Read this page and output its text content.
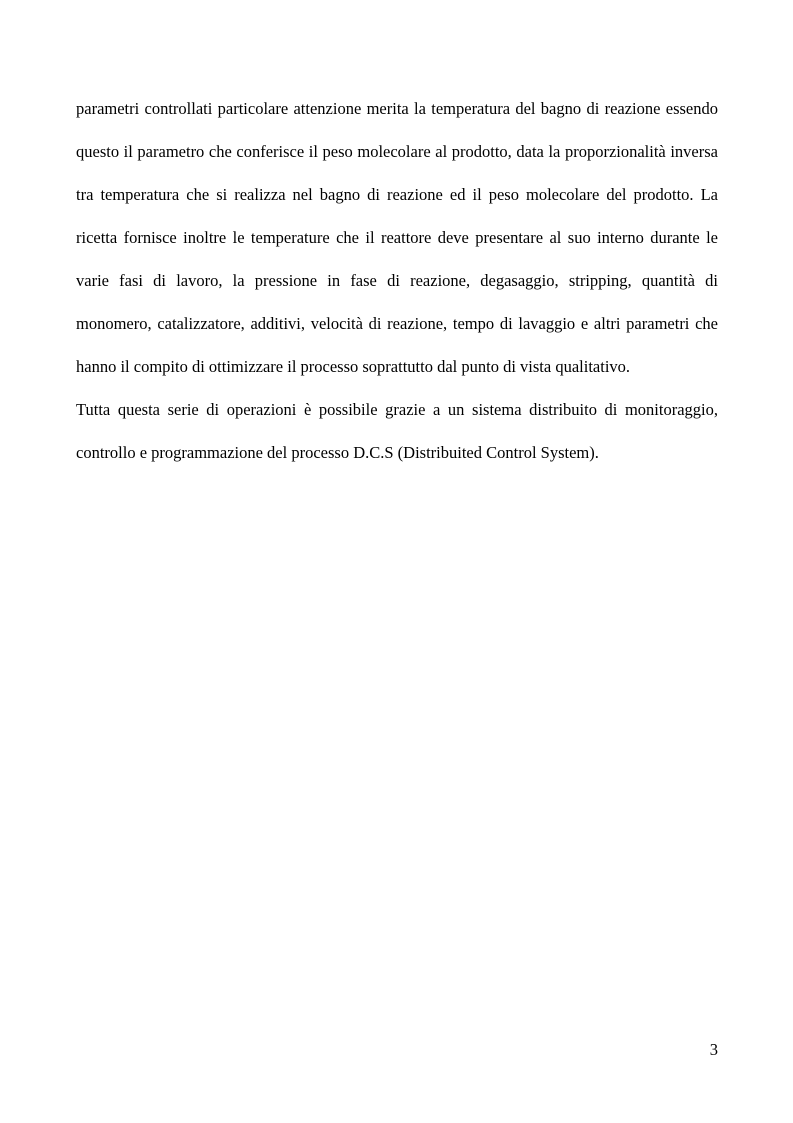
parametri controllati particolare attenzione merita la temperatura del bagno di reazione essendo questo il parametro che conferisce il peso molecolare al prodotto, data la proporzionalità inversa tra temperatura che si realizza nel bagno di reazione ed il peso molecolare del prodotto. La ricetta fornisce inoltre le temperature che il reattore deve presentare al suo interno durante le varie fasi di lavoro, la pressione in fase di reazione, degasaggio, stripping, quantità di monomero, catalizzatore, additivi, velocità di reazione, tempo di lavaggio e altri parametri che hanno il compito di ottimizzare il processo soprattutto dal punto di vista qualitativo.

Tutta questa serie di operazioni è possibile grazie a un sistema distribuito di monitoraggio, controllo e programmazione del processo D.C.S (Distribuited Control System).

3
